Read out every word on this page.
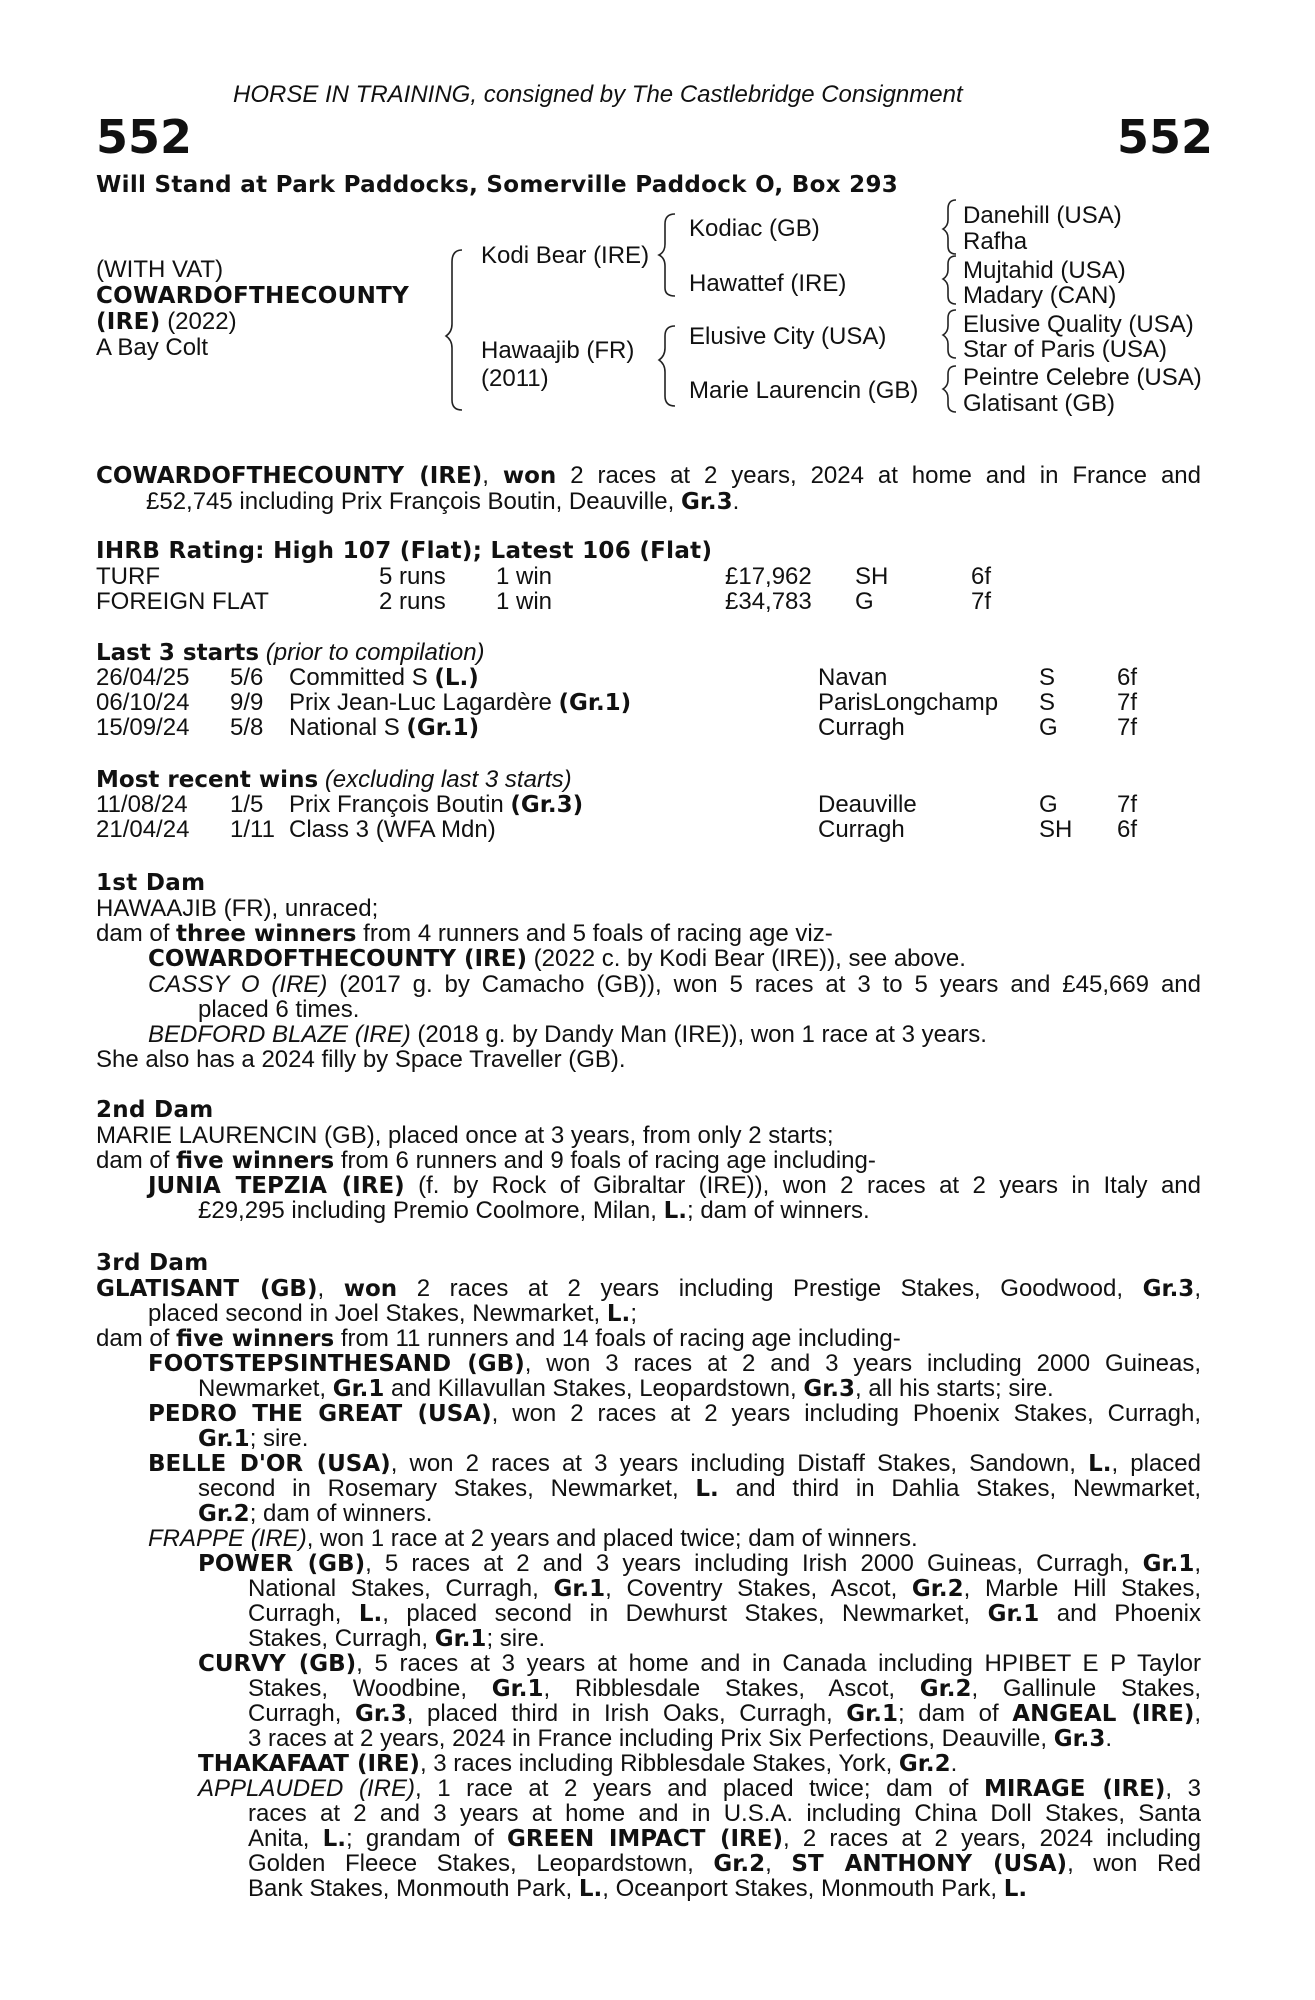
HORSE IN TRAINING, consigned by The Castlebridge Consignment
552	552
Will Stand at Park Paddocks, Somerville Paddock O, Box 293
(WITH VAT)
COWARDOFTHECOUNTY
(IRE) (2022)
A Bay Colt
Kodi Bear (IRE)
Hawaajib (FR)
(2011)
Kodiac (GB)
Hawattef (IRE)
Elusive City (USA)
Marie Laurencin (GB)
Danehill (USA)
Rafha
Mujtahid (USA)
Madary (CAN)
Elusive Quality (USA)
Star of Paris (USA)
Peintre Celebre (USA)
Glatisant (GB)
COWARDOFTHECOUNTY (IRE), won 2 races at 2 years, 2024 at home and in France and
£52,745 including Prix François Boutin, Deauville, Gr.3.
IHRB Rating: High 107 (Flat); Latest 106 (Flat)
TURF	5 runs 1 win	£17,962 SH	6f
FOREIGN FLAT	2 runs 1 win	£34,783 G	7f
Last 3 starts (prior to compilation)
26/04/25 5/6 Committed S (L.)	Navan	S	6f
06/10/24 9/9 Prix Jean-Luc Lagardère (Gr.1)	ParisLongchamp S	7f
15/09/24 5/8 National S (Gr.1)	Curragh	G 7f
Most recent wins (excluding last 3 starts)
11/08/24 1/5 Prix François Boutin (Gr.3)	Deauville	G 7f
21/04/24 1/11 Class 3 (WFA Mdn)	Curragh	SH 6f
1st Dam
HAWAAJIB (FR), unraced;
dam of three winners from 4 runners and 5 foals of racing age viz-
COWARDOFTHECOUNTY (IRE) (2022 c. by Kodi Bear (IRE)), see above.
CASSY O (IRE) (2017 g. by Camacho (GB)), won 5 races at 3 to 5 years and £45,669 and
placed 6 times.
BEDFORD BLAZE (IRE) (2018 g. by Dandy Man (IRE)), won 1 race at 3 years.
She also has a 2024 filly by Space Traveller (GB).
2nd Dam
MARIE LAURENCIN (GB), placed once at 3 years, from only 2 starts;
dam of five winners from 6 runners and 9 foals of racing age including-
JUNIA TEPZIA (IRE) (f. by Rock of Gibraltar (IRE)), won 2 races at 2 years in Italy and
£29,295 including Premio Coolmore, Milan, L.; dam of winners.
3rd Dam
GLATISANT (GB), won 2 races at 2 years including Prestige Stakes, Goodwood, Gr.3,
placed second in Joel Stakes, Newmarket, L.;
dam of five winners from 11 runners and 14 foals of racing age including-
FOOTSTEPSINTHESAND (GB), won 3 races at 2 and 3 years including 2000 Guineas,
Newmarket, Gr.1 and Killavullan Stakes, Leopardstown, Gr.3, all his starts; sire.
PEDRO THE GREAT (USA), won 2 races at 2 years including Phoenix Stakes, Curragh,
Gr.1; sire.
BELLE D'OR (USA), won 2 races at 3 years including Distaff Stakes, Sandown, L., placed
second in Rosemary Stakes, Newmarket, L. and third in Dahlia Stakes, Newmarket,
Gr.2; dam of winners.
FRAPPE (IRE), won 1 race at 2 years and placed twice; dam of winners.
POWER (GB), 5 races at 2 and 3 years including Irish 2000 Guineas, Curragh, Gr.1,
National Stakes, Curragh, Gr.1, Coventry Stakes, Ascot, Gr.2, Marble Hill Stakes,
Curragh, L., placed second in Dewhurst Stakes, Newmarket, Gr.1 and Phoenix
Stakes, Curragh, Gr.1; sire.
CURVY (GB), 5 races at 3 years at home and in Canada including HPIBET E P Taylor
Stakes, Woodbine, Gr.1, Ribblesdale Stakes, Ascot, Gr.2, Gallinule Stakes,
Curragh, Gr.3, placed third in Irish Oaks, Curragh, Gr.1; dam of ANGEAL (IRE),
3 races at 2 years, 2024 in France including Prix Six Perfections, Deauville, Gr.3.
THAKAFAAT (IRE), 3 races including Ribblesdale Stakes, York, Gr.2.
APPLAUDED (IRE), 1 race at 2 years and placed twice; dam of MIRAGE (IRE), 3
races at 2 and 3 years at home and in U.S.A. including China Doll Stakes, Santa
Anita, L.; grandam of GREEN IMPACT (IRE), 2 races at 2 years, 2024 including
Golden Fleece Stakes, Leopardstown, Gr.2, ST ANTHONY (USA), won Red
Bank Stakes, Monmouth Park, L., Oceanport Stakes, Monmouth Park, L.
